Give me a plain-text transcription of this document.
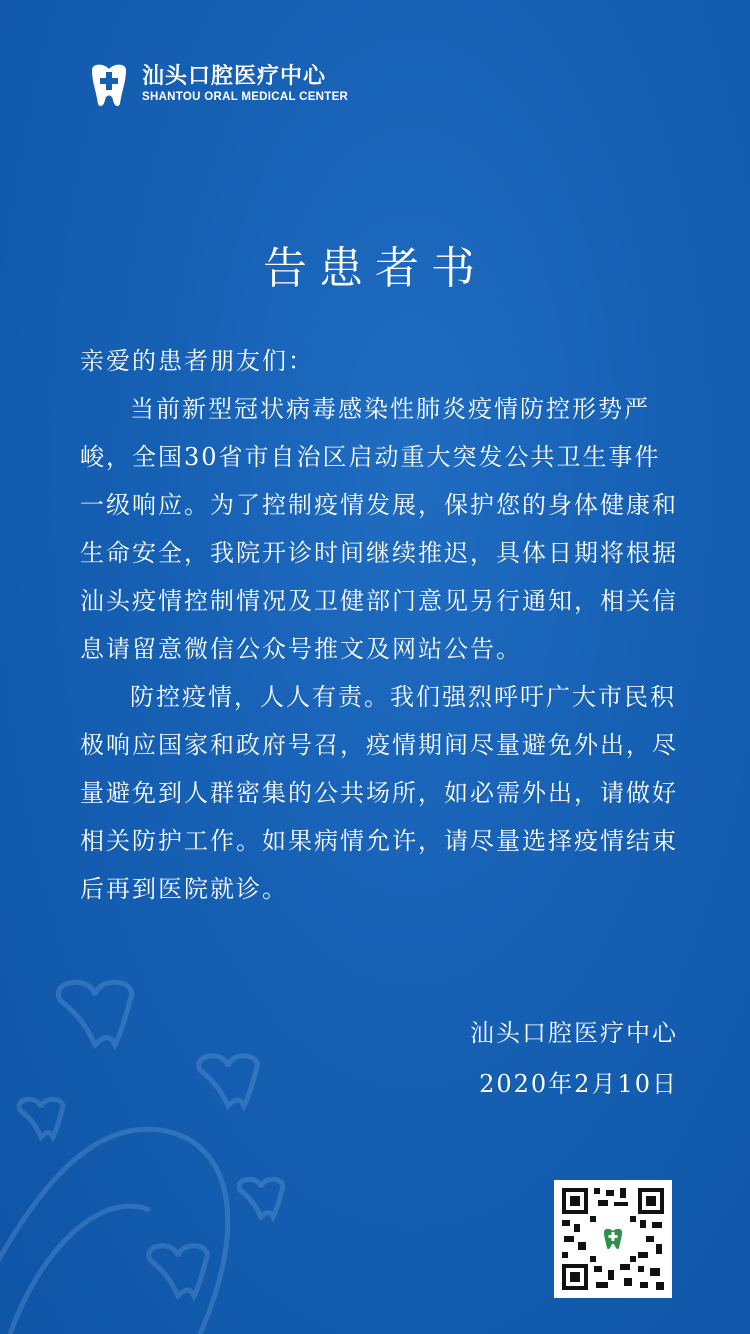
汕头口腔医疗中心
SHANTOU ORAL MEDICAL CENTER
告患者书

亲爱的患者朋友们：

当前新型冠状病毒感染性肺炎疫情防控形势严峻，全国30省市自治区启动重大突发公共卫生事件一级响应。为了控制疫情发展，保护您的身体健康和生命安全，我院开诊时间继续推迟，具体日期将根据汕头疫情控制情况及卫健部门意见另行通知，相关信息请留意微信公众号推文及网站公告。

防控疫情，人人有责。我们强烈呼吁广大市民积极响应国家和政府号召，疫情期间尽量避免外出，尽量避免到人群密集的公共场所，如必需外出，请做好相关防护工作。如果病情允许，请尽量选择疫情结束后再到医院就诊。

汕头口腔医疗中心
2020年2月10日
